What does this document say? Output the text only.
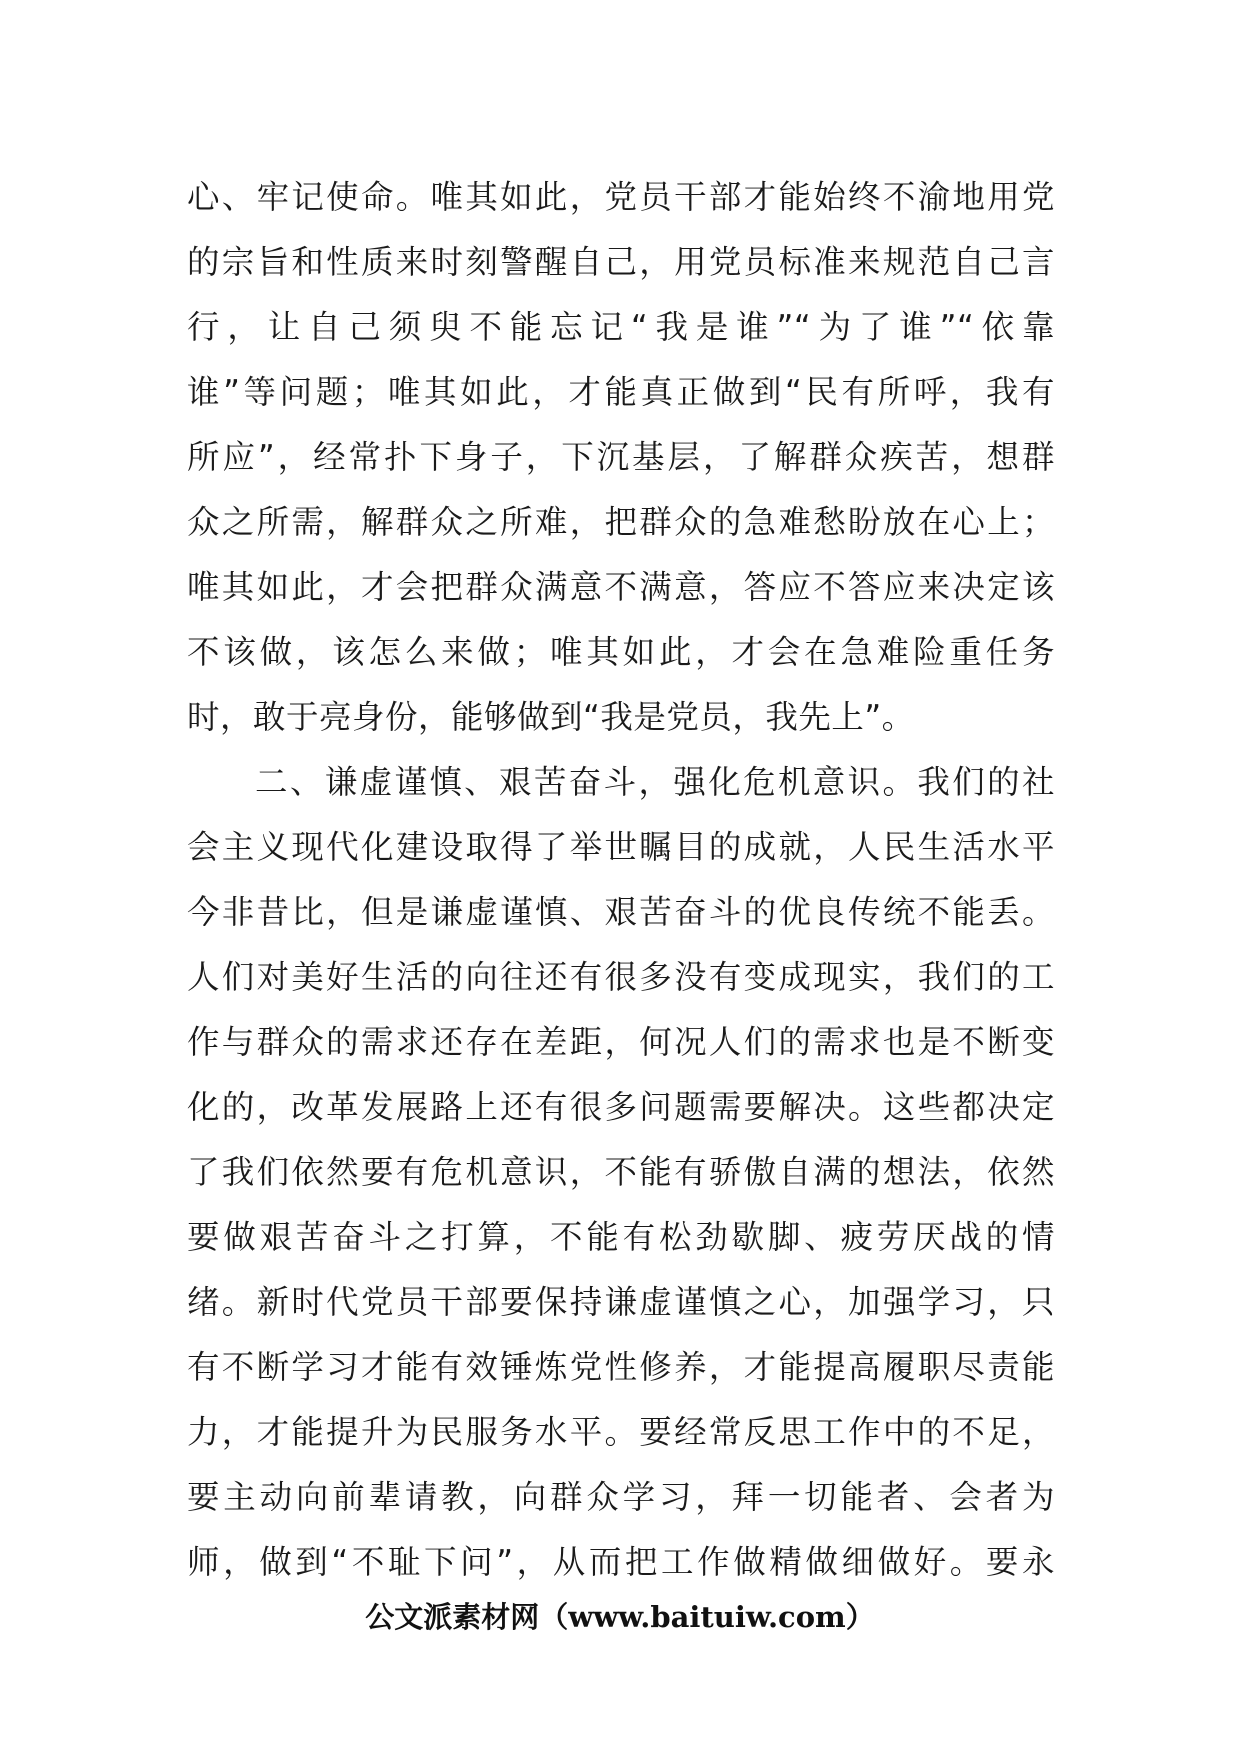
心、牢记使命。唯其如此，党员干部才能始终不渝地用党
的宗旨和性质来时刻警醒自己，用党员标准来规范自己言
行，让自己须臾不能忘记“我是谁”“为了谁”“依靠
谁”等问题；唯其如此，才能真正做到“民有所呼，我有
所应”，经常扑下身子，下沉基层，了解群众疾苦，想群
众之所需，解群众之所难，把群众的急难愁盼放在心上；
唯其如此，才会把群众满意不满意，答应不答应来决定该
不该做，该怎么来做；唯其如此，才会在急难险重任务
时，敢于亮身份，能够做到“我是党员，我先上”。
二、谦虚谨慎、艰苦奋斗，强化危机意识。我们的社
会主义现代化建设取得了举世瞩目的成就，人民生活水平
今非昔比，但是谦虚谨慎、艰苦奋斗的优良传统不能丢。
人们对美好生活的向往还有很多没有变成现实，我们的工
作与群众的需求还存在差距，何况人们的需求也是不断变
化的，改革发展路上还有很多问题需要解决。这些都决定
了我们依然要有危机意识，不能有骄傲自满的想法，依然
要做艰苦奋斗之打算，不能有松劲歇脚、疲劳厌战的情
绪。新时代党员干部要保持谦虚谨慎之心，加强学习，只
有不断学习才能有效锤炼党性修养，才能提高履职尽责能
力，才能提升为民服务水平。要经常反思工作中的不足，
要主动向前辈请教，向群众学习，拜一切能者、会者为
师，做到“不耻下问”，从而把工作做精做细做好。要永
公文派素材网（www.baituiw.com）
